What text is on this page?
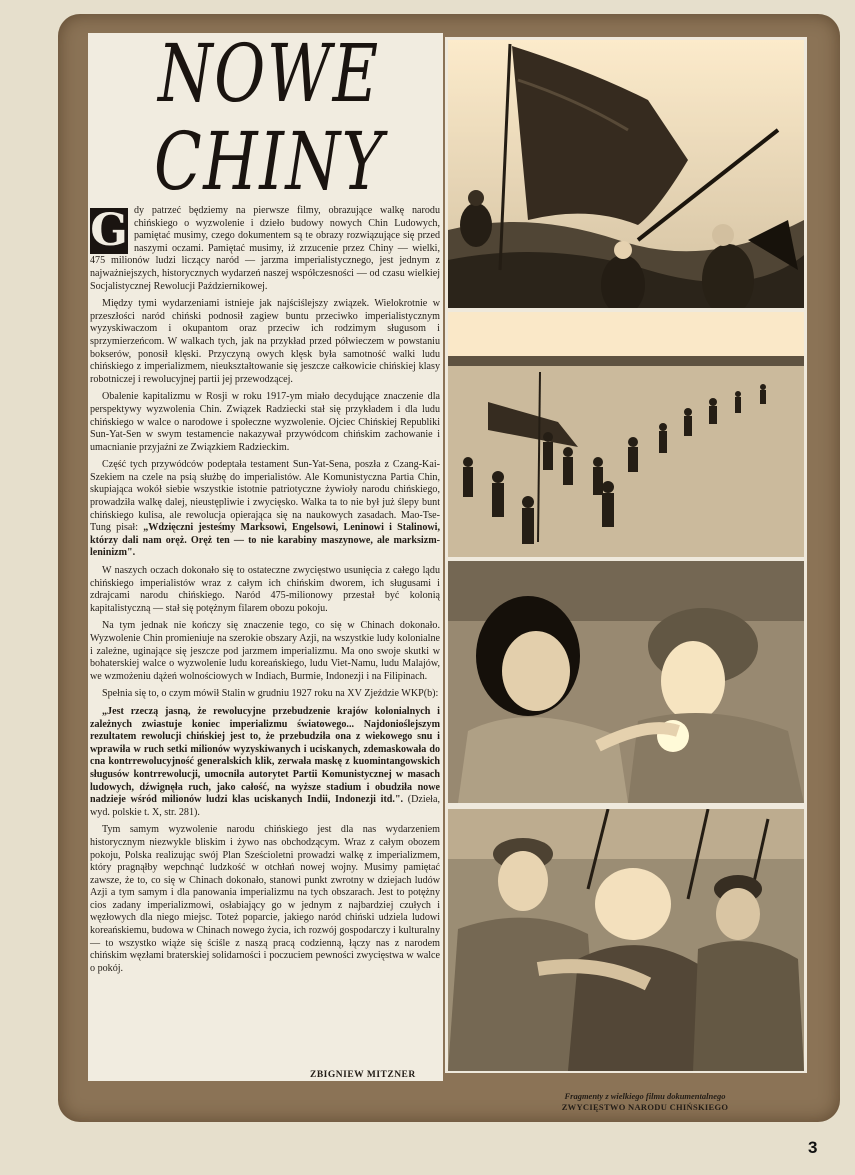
NOWE
CHINY

G dy patrzeć będziemy na pierwsze filmy, obrazujące walkę narodu chińskiego o wyzwolenie i dzieło budowy nowych Chin Ludowych, pamiętać musimy, czego dokumentem są te obrazy rozwiązujące się przed naszymi oczami. Pamiętać musimy, iż zrzucenie przez Chiny — wielki, 475 milionów ludzi liczący naród — jarzma imperialistycznego, jest jednym z najważniejszych, historycznych wydarzeń naszej współczesności — od czasu wielkiej Socjalistycznej Rewolucji Październikowej.

Między tymi wydarzeniami istnieje jak najściślejszy związek. Wielokrotnie w przeszłości naród chiński podnosił zagiew buntu przeciwko imperialistycznym wyzyskiwaczom i okupantom oraz przeciw ich rodzimym sługusom i sprzymierzeńcom. W walkach tych, jak na przykład przed półwieczem w powstaniu bokserów, ponosił klęski. Przyczyną owych klęsk była samotność walki ludu chińskiego z imperializmem, nieukształtowanie się jeszcze całkowicie chińskiej klasy robotniczej i rewolucyjnej partii jej przewodzącej.

Obalenie kapitalizmu w Rosji w roku 1917-ym miało decydujące znaczenie dla perspektywy wyzwolenia Chin. Związek Radziecki stał się przykładem i dla ludu chińskiego w walce o narodowe i społeczne wyzwolenie. Ojciec Chińskiej Republiki Sun-Yat-Sen w swym testamencie nakazywał przywódcom chińskim zachowanie i umacnianie przyjaźni ze Związkiem Radzieckim.

Część tych przywódców podeptała testament Sun-Yat-Sena, poszła z Czang-Kai-Szekiem na czele na psią służbę do imperialistów. Ale Komunistyczna Partia Chin, skupiająca wokół siebie wszystkie istotnie patriotyczne żywioły narodu chińskiego, prowadziła walkę dalej, nieustępliwie i zwycięsko. Walka ta to nie był już ślepy bunt chińskiego kulisa, ale rewolucja opierająca się na naukowych zasadach. Mao-Tse-Tung pisał: „Wdzięczni jesteśmy Marksowi, Engelsowi, Leninowi i Stalinowi, którzy dali nam oręż. Oręż ten — to nie karabiny maszynowe, ale marksizm-leninizm".

W naszych oczach dokonało się to ostateczne zwycięstwo usunięcia z całego lądu chińskiego imperialistów wraz z całym ich chińskim dworem, ich sługusami i zdrajcami narodu chińskiego. Naród 475-milionowy przestał być kolonią kapitalistyczną — stał się potężnym filarem obozu pokoju.

Na tym jednak nie kończy się znaczenie tego, co się w Chinach dokonało. Wyzwolenie Chin promieniuje na szerokie obszary Azji, na wszystkie ludy kolonialne i zależne, uginające się jeszcze pod jarzmem imperializmu. Ma ono swoje skutki w bohaterskiej walce o wyzwolenie ludu koreańskiego, ludu Viet-Namu, ludu Malajów, we wzmożeniu dążeń wolnościowych w Indiach, Burmie, Indonezji i na Filipinach.

Spełnia się to, o czym mówił Stalin w grudniu 1927 roku na XV Zjeździe WKP(b):

„Jest rzeczą jasną, że rewolucyjne przebudzenie krajów kolonialnych i zależnych zwiastuje koniec imperializmu światowego... Najdonioślejszym rezultatem rewolucji chińskiej jest to, że przebudziła ona z wiekowego snu i wprawiła w ruch setki milionów wyzyskiwanych i uciskanych, zdemaskowała do cna kontrrewolucyjność generalskich klik, zerwała maskę z kuomintangowskich sługusów kontrrewolucji, umocniła autorytet Partii Komunistycznej w masach ludowych, dźwignęła ruch, jako całość, na wyższe stadium i obudziła nowe nadzieje wśród milionów ludzi klas uciskanych Indii, Indonezji itd.". (Dzieła, wyd. polskie t. X, str. 281).

Tym samym wyzwolenie narodu chińskiego jest dla nas wydarzeniem historycznym niezwykle bliskim i żywo nas obchodzącym. Wraz z całym obozem pokoju, Polska realizując swój Plan Sześcioletni prowadzi walkę z imperializmem, który pragnąłby wepchnąć ludzkość w otchłań nowej wojny. Musimy pamiętać zawsze, że to, co się w Chinach dokonało, stanowi punkt zwrotny w dziejach ludów Azji a tym samym i dla panowania imperializmu na tych obszarach. Jest to potężny cios zadany imperializmowi, osłabiający go w jednym z najbardziej czułych i węzłowych dla niego miejsc. Toteż poparcie, jakiego naród chiński udziela ludowi koreańskiemu, budowa w Chinach nowego życia, ich rozwój gospodarczy i kulturalny — to wszystko wiąże się ściśle z naszą pracą codzienną, łączy nas z narodem chińskim węzłami braterskiej solidarności i poczuciem pewności zwycięstwa w walce o pokój.

ZBIGNIEW MITZNER
Fragmenty z wielkiego filmu dokumentalnego
ZWYCIĘSTWO NARODU CHIŃSKIEGO
3
